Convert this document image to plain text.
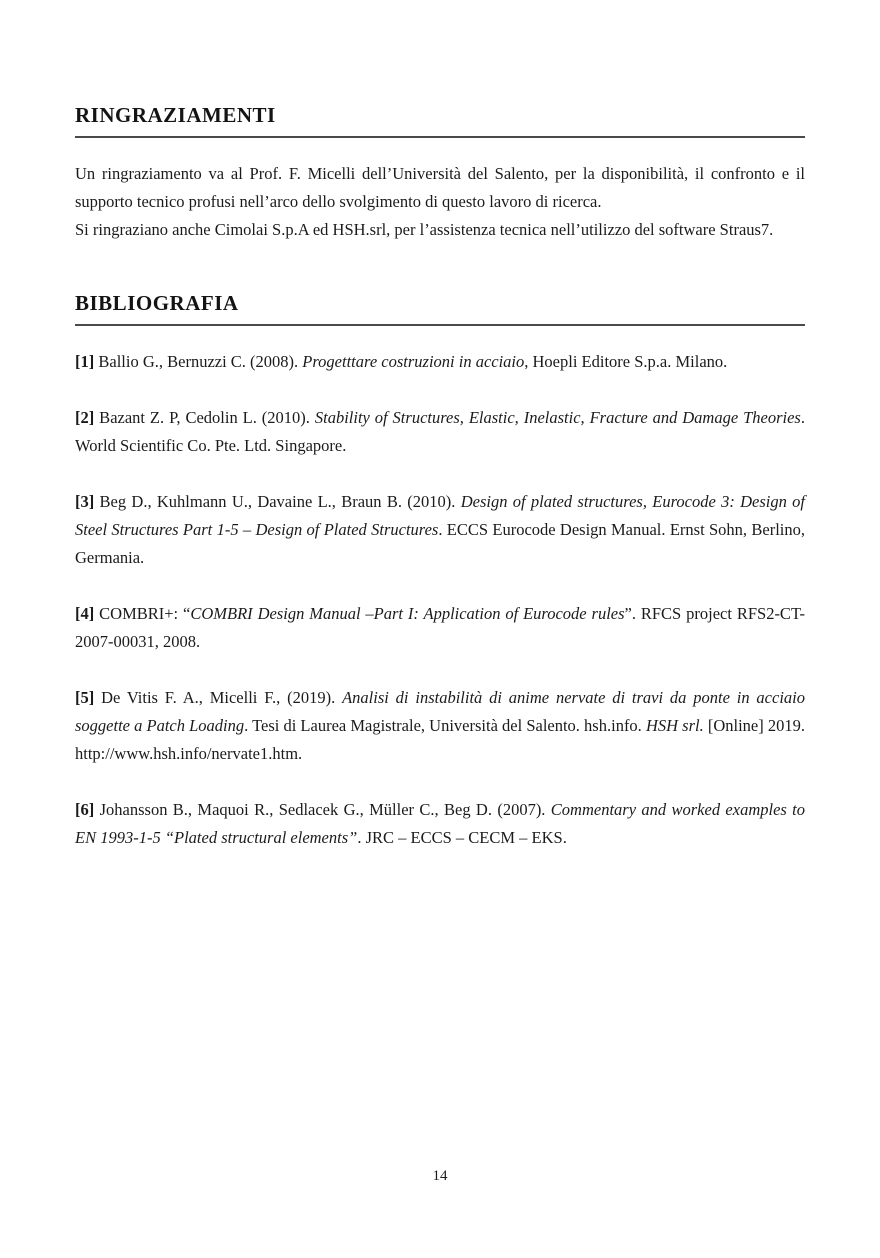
RINGRAZIAMENTI
Un ringraziamento va al Prof. F. Micelli dell’Università del Salento, per la disponibilità, il confronto e il supporto tecnico profusi nell’arco dello svolgimento di questo lavoro di ricerca.
Si ringraziano anche Cimolai S.p.A ed HSH.srl, per l’assistenza tecnica nell’utilizzo del software Straus7.
BIBLIOGRAFIA

[1] Ballio G., Bernuzzi C. (2008). Progetttare costruzioni in acciaio, Hoepli Editore S.p.a. Milano.

[2] Bazant Z. P, Cedolin L. (2010). Stability of Structures, Elastic, Inelastic, Fracture and Damage Theories. World Scientific Co. Pte. Ltd. Singapore.

[3] Beg D., Kuhlmann U., Davaine L., Braun B. (2010). Design of plated structures, Eurocode 3: Design of Steel Structures Part 1-5 – Design of Plated Structures. ECCS Eurocode Design Manual. Ernst Sohn, Berlino, Germania.

[4] COMBRI+: “COMBRI Design Manual –Part I: Application of Eurocode rules”. RFCS project RFS2-CT-2007-00031, 2008.

[5] De Vitis F. A., Micelli F., (2019). Analisi di instabilità di anime nervate di travi da ponte in acciaio soggette a Patch Loading. Tesi di Laurea Magistrale, Università del Salento. hsh.info. HSH srl. [Online] 2019. http://www.hsh.info/nervate1.htm.

[6] Johansson B., Maquoi R., Sedlacek G., Müller C., Beg D. (2007). Commentary and worked examples to EN 1993-1-5 “Plated structural elements”. JRC – ECCS – CECM – EKS.

14
